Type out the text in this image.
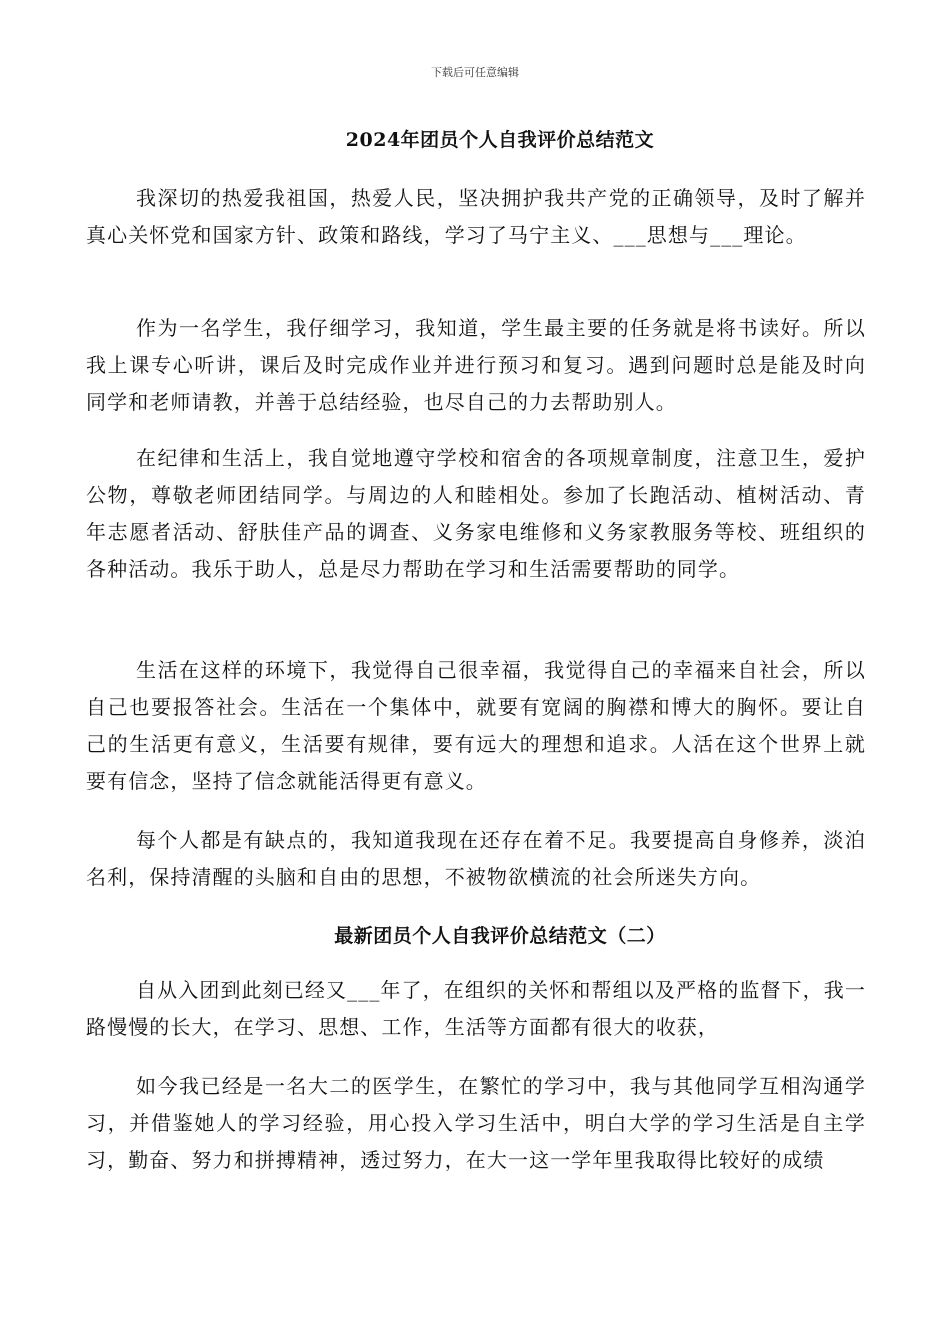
下载后可任意编辑
2024年团员个人自我评价总结范文

我深切的热爱我祖国，热爱人民，坚决拥护我共产党的正确领导，及时了解并真心关怀党和国家方针、政策和路线，学习了马宁主义、___思想与___理论。

作为一名学生，我仔细学习，我知道，学生最主要的任务就是将书读好。所以我上课专心听讲，课后及时完成作业并进行预习和复习。遇到问题时总是能及时向同学和老师请教，并善于总结经验，也尽自己的力去帮助别人。

在纪律和生活上，我自觉地遵守学校和宿舍的各项规章制度，注意卫生，爱护公物，尊敬老师团结同学。与周边的人和睦相处。参加了长跑活动、植树活动、青年志愿者活动、舒肤佳产品的调查、义务家电维修和义务家教服务等校、班组织的各种活动。我乐于助人，总是尽力帮助在学习和生活需要帮助的同学。

生活在这样的环境下，我觉得自己很幸福，我觉得自己的幸福来自社会，所以自己也要报答社会。生活在一个集体中，就要有宽阔的胸襟和博大的胸怀。要让自己的生活更有意义，生活要有规律，要有远大的理想和追求。人活在这个世界上就要有信念，坚持了信念就能活得更有意义。

每个人都是有缺点的，我知道我现在还存在着不足。我要提高自身修养，淡泊名利，保持清醒的头脑和自由的思想，不被物欲横流的社会所迷失方向。

最新团员个人自我评价总结范文（二）

自从入团到此刻已经又___年了，在组织的关怀和帮组以及严格的监督下，我一路慢慢的长大，在学习、思想、工作，生活等方面都有很大的收获，

如今我已经是一名大二的医学生，在繁忙的学习中，我与其他同学互相沟通学习，并借鉴她人的学习经验，用心投入学习生活中，明白大学的学习生活是自主学习，勤奋、努力和拼搏精神，透过努力，在大一这一学年里我取得比较好的成绩
